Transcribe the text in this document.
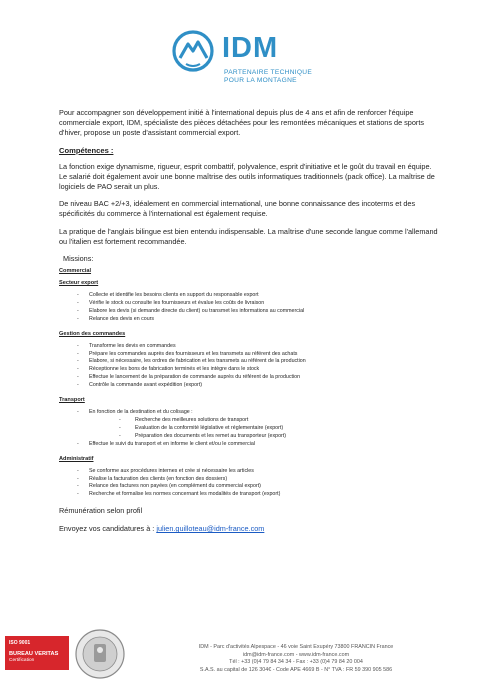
IDM
PARTENAIRE TECHNIQUE
POUR LA MONTAGNE

Pour accompagner son développement initié à l'international depuis plus de 4 ans et afin de renforcer l'équipe commerciale export, IDM, spécialiste des pièces détachées pour les remontées mécaniques et stations de sports d'hiver, propose un poste d'assistant commercial export.

Compétences :

La fonction exige dynamisme, rigueur, esprit combattif, polyvalence, esprit d'initiative et le goût du travail en équipe. Le salarié doit également avoir une bonne maîtrise des outils informatiques traditionnels (pack office). La maîtrise de logiciels de PAO serait un plus.

De niveau BAC +2/+3, idéalement en commercial international, une bonne connaissance des incoterms et des spécificités du commerce à l'international est également requise.

La pratique de l'anglais bilingue est bien entendu indispensable. La maîtrise d'une seconde langue comme l'allemand ou l'italien est fortement recommandée.

Missions:
Commercial
Secteur export
- Collecte et identifie les besoins clients en support du responsable export
- Vérifie le stock ou consulte les fournisseurs et évalue les coûts de livraison
- Elabore les devis (si demande directe du client) ou transmet les informations au commercial
- Relance des devis en cours
Gestion des commandes
- Transforme les devis en commandes
- Prépare les commandes auprès des fournisseurs et les transmets au référent des achats
- Elabore, si nécessaire, les ordres de fabrication et les transmets au référent de la production
- Réceptionne les bons de fabrication terminés et les intègre dans le stock
- Effectue le lancement de la préparation de commande auprès du référent de la production
- Contrôle la commande avant expédition (export)
Transport
- En fonction de la destination et du colisage :
- Recherche des meilleures solutions de transport
- Evaluation de la conformité législative et réglementaire (export)
- Préparation des documents et les remet au transporteur (export)
- Effectue le suivi du transport et en informe le client et/ou le commercial
Administratif
- Se conforme aux procédures internes et crée si nécessaire les articles
- Réalise la facturation des clients (en fonction des dossiers)
- Relance des factures non payées (en complément du commercial export)
- Recherche et formalise les normes concernant les modalités de transport (export)

Rémunération selon profil

Envoyez vos candidatures à : julien.guilloteau@idm-france.com

ISO 9001
BUREAU VERITAS
Certification
IDM - Parc d'activités Alpespace - 46 voie Saint Exupéry 73800 FRANCIN France
idm@idm-france.com - www.idm-france.com
Tél : +33 (0)4 79 84 34 34 - Fax : +33 (0)4 79 84 20 004
S.A.S. au capital de 126 304€ - Code APE 4669 B - N° TVA : FR 59 390 905 586
